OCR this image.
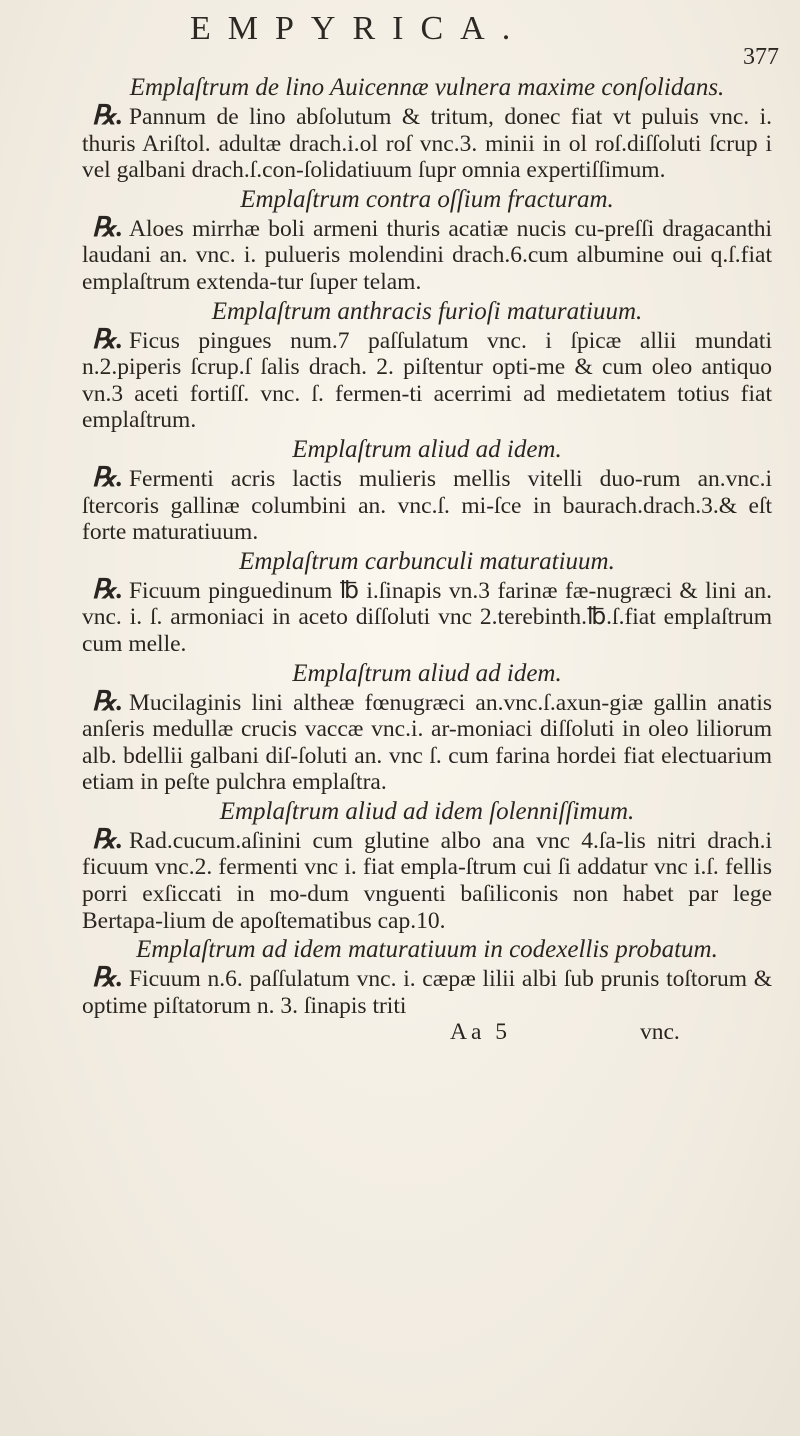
EMPYRICA.
377
Emplaſtrum de lino Auicennæ vulnera maxime conſolidans.

℞. Pannum de lino abſolutum & tritum, donec fiat vt puluis vnc. i. thuris Ariſtol. adultæ drach.i.ol roſ vnc.3. minii in ol roſ.diſſoluti ſcrup i vel galbani drach.ſ.con-ſolidatiuum ſupr omnia expertiſſimum.

Emplaſtrum contra oſſium fracturam.

℞. Aloes mirrhæ boli armeni thuris acatiæ nucis cu-preſſi dragacanthi laudani an. vnc. i. pulueris molendini drach.6.cum albumine oui q.ſ.fiat emplaſtrum extenda-tur ſuper telam.

Emplaſtrum anthracis furioſi maturatiuum.

℞. Ficus pingues num.7 paſſulatum vnc. i ſpicæ allii mundati n.2.piperis ſcrup.ſ ſalis drach. 2. piſtentur opti-me & cum oleo antiquo vn.3 aceti fortiſſ. vnc. ſ. fermen-ti acerrimi ad medietatem totius fiat emplaſtrum.

Emplaſtrum aliud ad idem.

℞. Fermenti acris lactis mulieris mellis vitelli duo-rum an.vnc.i ſtercoris gallinæ columbini an. vnc.ſ. mi-ſce in baurach.drach.3.& eſt forte maturatiuum.

Emplaſtrum carbunculi maturatiuum.

℞. Ficuum pinguedinum ℔ i.ſinapis vn.3 farinæ fæ-nugræci & lini an. vnc. i. ſ. armoniaci in aceto diſſoluti vnc 2.terebinth.℔.ſ.fiat emplaſtrum cum melle.

Emplaſtrum aliud ad idem.

℞. Mucilaginis lini altheæ fœnugræci an.vnc.ſ.axun-giæ gallin anatis anſeris medullæ crucis vaccæ vnc.i. ar-moniaci diſſoluti in oleo liliorum alb. bdellii galbani diſ-ſoluti an. vnc ſ. cum farina hordei fiat electuarium etiam in peſte pulchra emplaſtra.

Emplaſtrum aliud ad idem ſolenniſſimum.

℞. Rad.cucum.aſinini cum glutine albo ana vnc 4.ſa-lis nitri drach.i ficuum vnc.2. fermenti vnc i. fiat empla-ſtrum cui ſi addatur vnc i.ſ. fellis porri exſiccati in mo-dum vnguenti baſiliconis non habet par lege Bertapa-lium de apoſtematibus cap.10.

Emplaſtrum ad idem maturatiuum in codexellis probatum.

℞. Ficuum n.6. paſſulatum vnc. i. cæpæ lilii albi ſub prunis toſtorum & optime piſtatorum n. 3. ſinapis triti

Aa 5	vnc.
